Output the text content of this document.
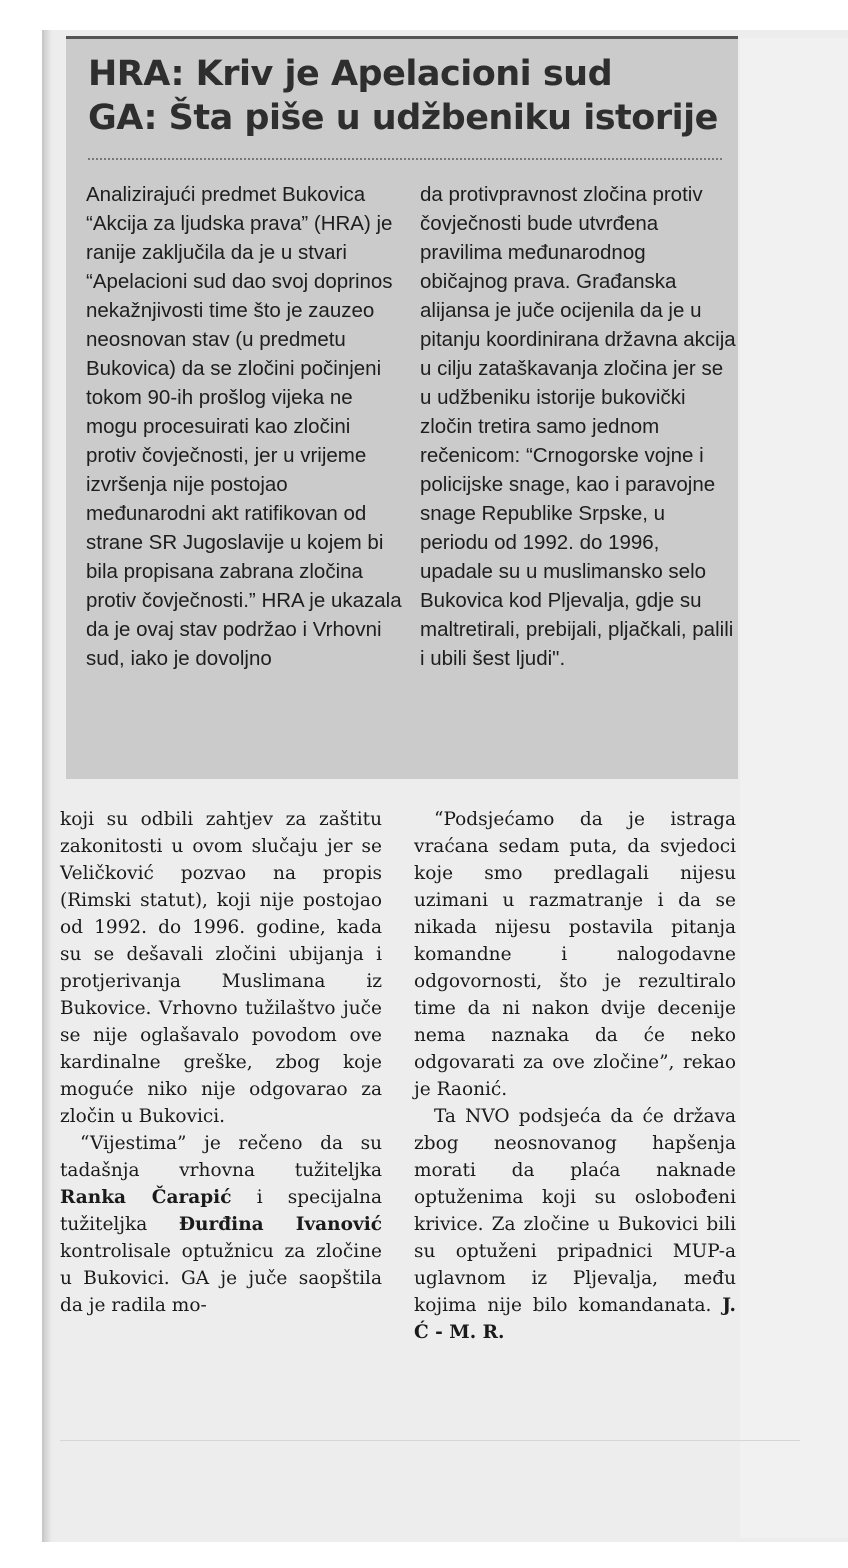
HRA: Kriv je Apelacioni sud
GA: Šta piše u udžbeniku istorije

Analizirajući predmet Bukovica “Akcija za ljudska prava” (HRA) je ranije zaključila da je u stvari “Apelacioni sud dao svoj doprinos nekažnjivosti time što je zauzeo neosnovan stav (u predmetu Bukovica) da se zločini počinjeni tokom 90-ih prošlog vijeka ne mogu procesuirati kao zločini protiv čovječnosti, jer u vrijeme izvršenja nije postojao međunarodni akt ratifikovan od strane SR Jugoslavije u kojem bi bila propisana zabrana zločina protiv čovječnosti.” HRA je ukazala da je ovaj stav podržao i Vrhovni sud, iako je dovoljno

da protivpravnost zločina protiv čovječnosti bude utvrđena pravilima međunarodnog običajnog prava. Građanska alijansa je juče ocijenila da je u pitanju koordinirana državna akcija u cilju zataškavanja zločina jer se u udžbeniku istorije bukovički zločin tretira samo jednom rečenicom: “Crnogorske vojne i policijske snage, kao i paravojne snage Republike Srpske, u periodu od 1992. do 1996, upadale su u muslimansko selo Bukovica kod Pljevalja, gdje su maltretirali, prebijali, pljačkali, palili i ubili šest ljudi".

koji su odbili zahtjev za zaštitu zakonitosti u ovom slučaju jer se Veličković pozvao na propis (Rimski statut), koji nije postojao od 1992. do 1996. godine, kada su se dešavali zločini ubijanja i protjerivanja Muslimana iz Bukovice. Vrhovno tužilaštvo juče se nije oglašavalo povodom ove kardinalne greške, zbog koje moguće niko nije odgovarao za zločin u Bukovici.

“Vijestima” je rečeno da su tadašnja vrhovna tužiteljka Ranka Čarapić i specijalna tužiteljka Đurđina Ivanović kontrolisale optužnicu za zločine u Bukovici. GA je juče saopštila da je radila mo-

“Podsjećamo da je istraga vraćana sedam puta, da svjedoci koje smo predlagali nijesu uzimani u razmatranje i da se nikada nijesu postavila pitanja komandne i nalogodavne odgovornosti, što je rezultiralo time da ni nakon dvije decenije nema naznaka da će neko odgovarati za ove zločine”, rekao je Raonić.

Ta NVO podsjeća da će država zbog neosnovanog hapšenja morati da plaća naknade optuženima koji su oslobođeni krivice. Za zločine u Bukovici bili su optuženi pripadnici MUP-a uglavnom iz Pljevalja, među kojima nije bilo komandanata. J. Ć - M. R.
